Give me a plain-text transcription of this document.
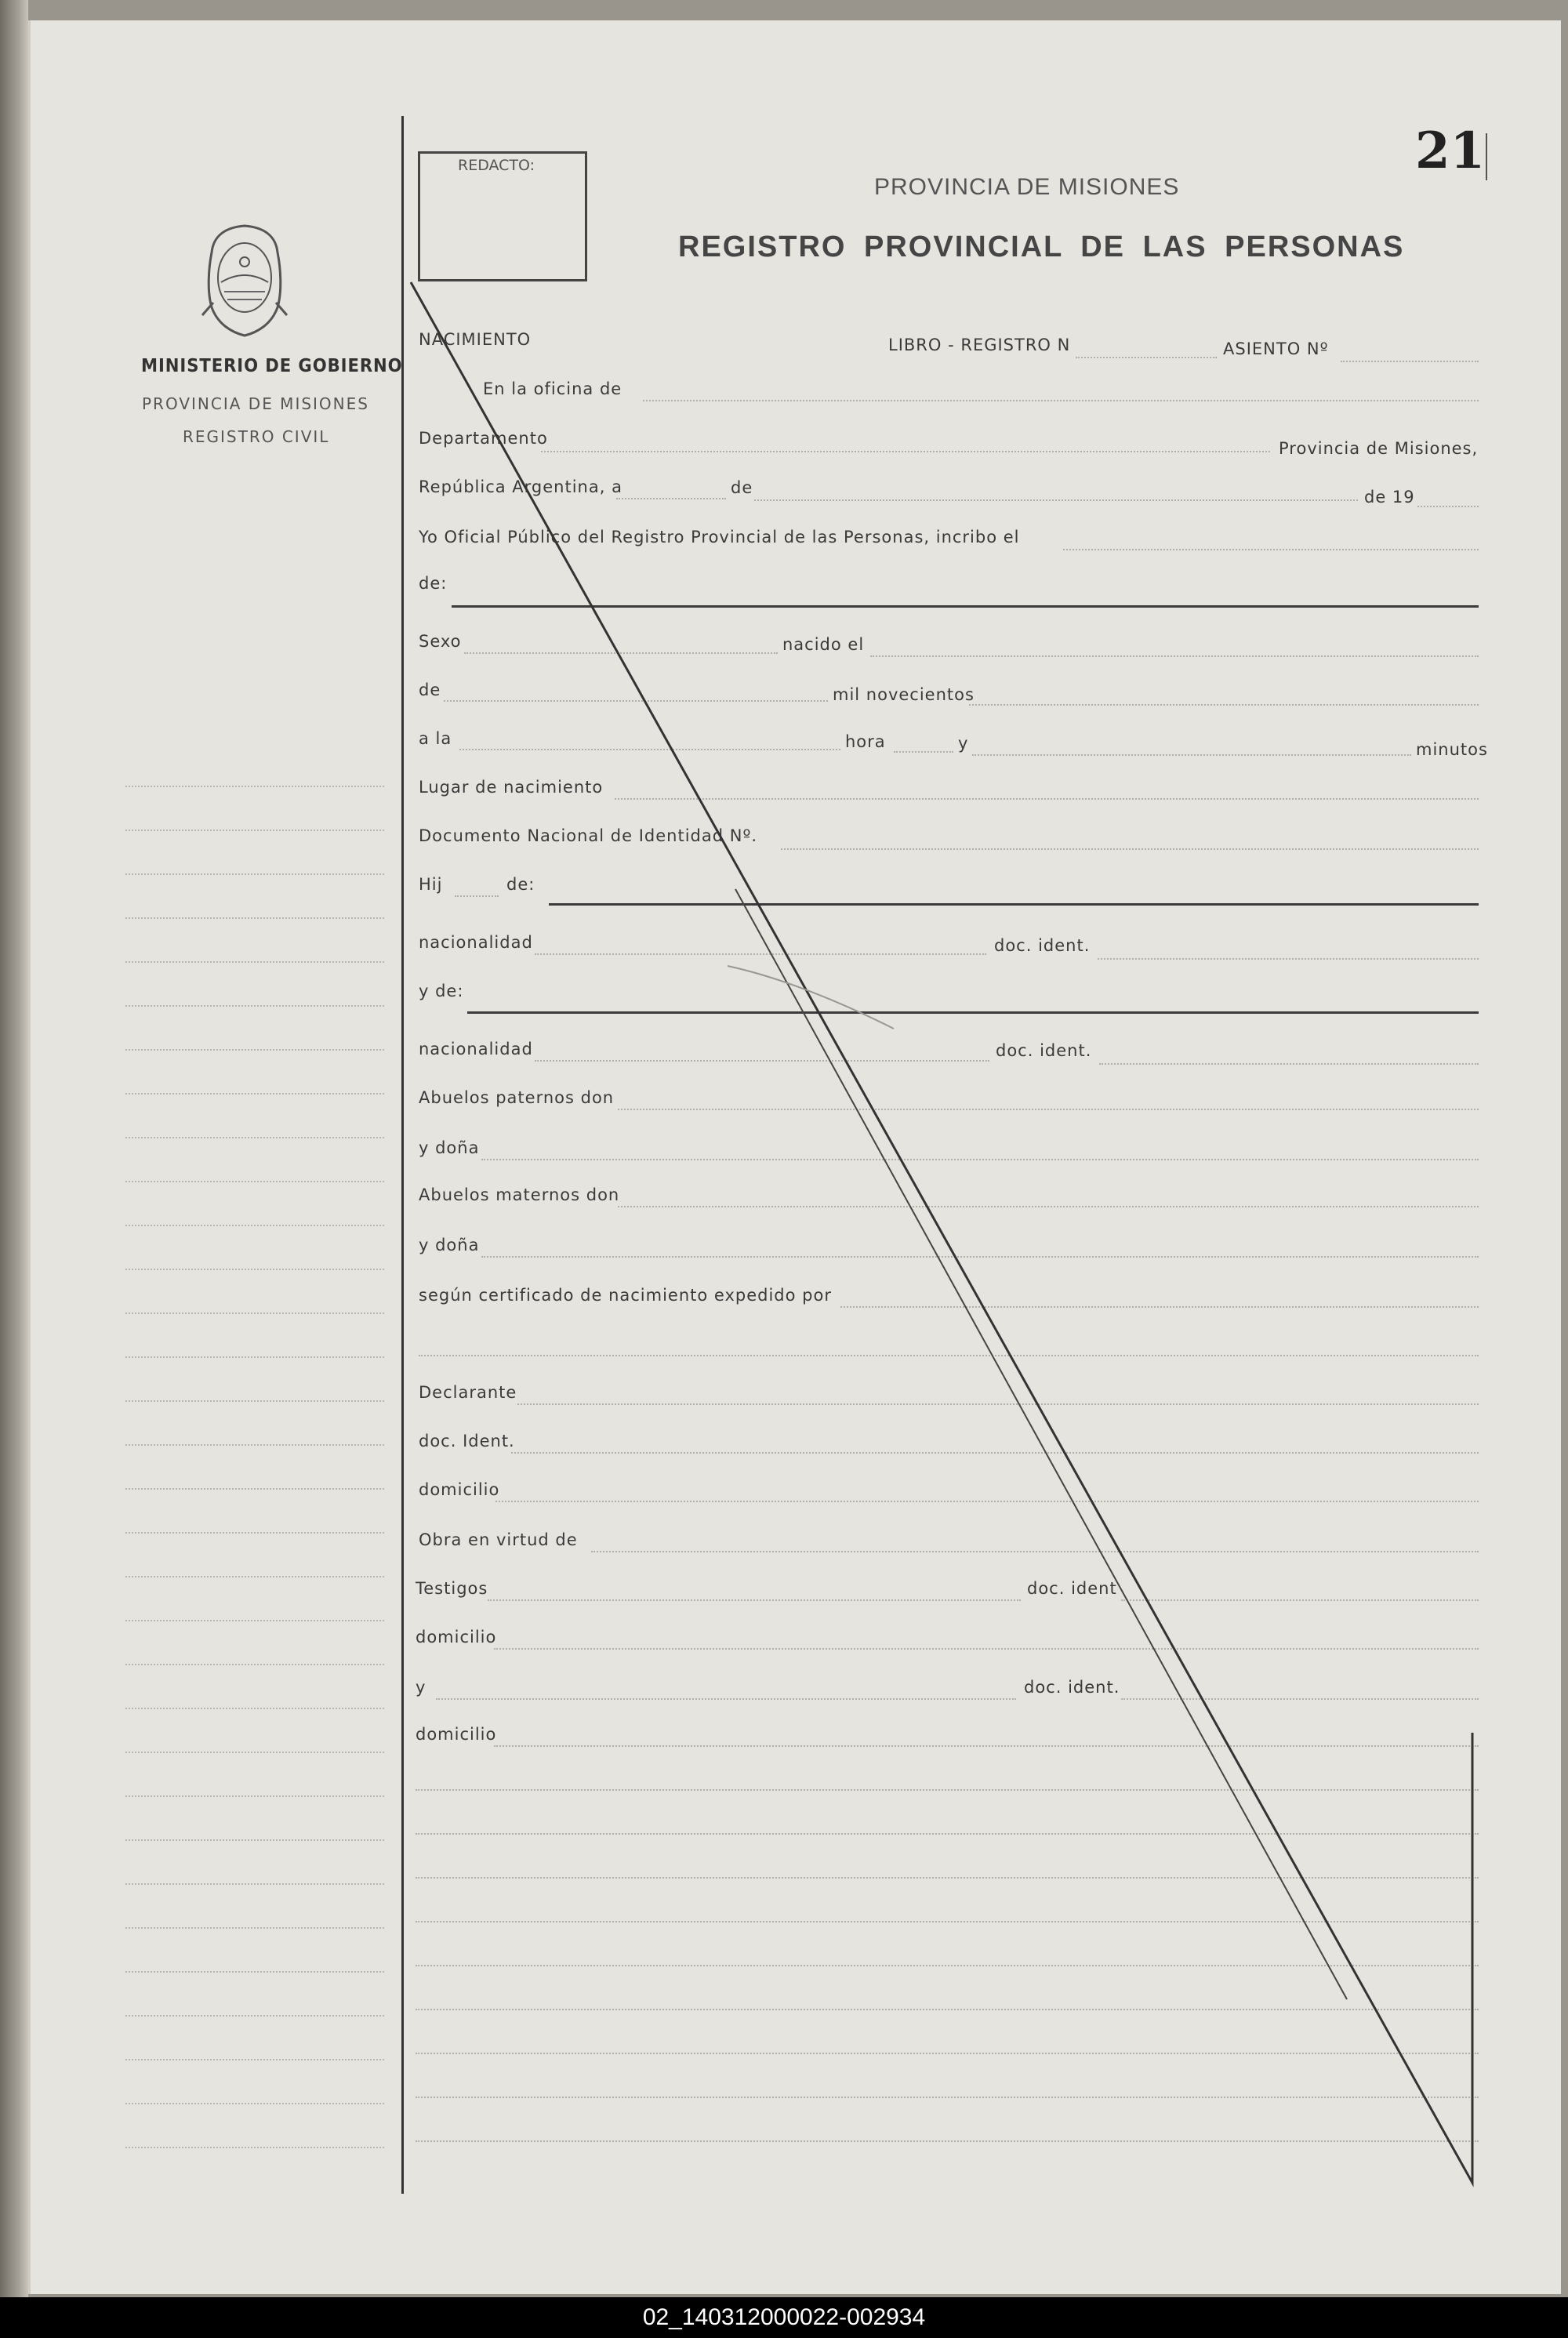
21
MINISTERIO DE GOBIERNO
PROVINCIA DE MISIONES
REGISTRO CIVIL
REDACTO:
PROVINCIA DE MISIONES
REGISTRO PROVINCIAL DE LAS PERSONAS
NACIMIENTO	LIBRO - REGISTRO N	ASIENTO Nº
En la oficina de
Departamento
Provincia de Misiones,
República Argentina, a	de	de 19
Yo Oficial Público del Registro Provincial de las Personas, incribo el
de:
Sexo	nacido el
de	mil novecientos
a la	hora	y	minutos
Lugar de nacimiento
Documento Nacional de Identidad Nº.
Hij	de:
nacionalidad	doc. ident.
y de:
nacionalidad	doc. ident.
Abuelos paternos don
y doña
Abuelos maternos don
y doña
según certificado de nacimiento expedido por
Declarante
doc. Ident.
domicilio
Obra en virtud de
Testigos	doc. ident
domicilio
y	doc. ident.
domicilio
02_140312000022-002934
